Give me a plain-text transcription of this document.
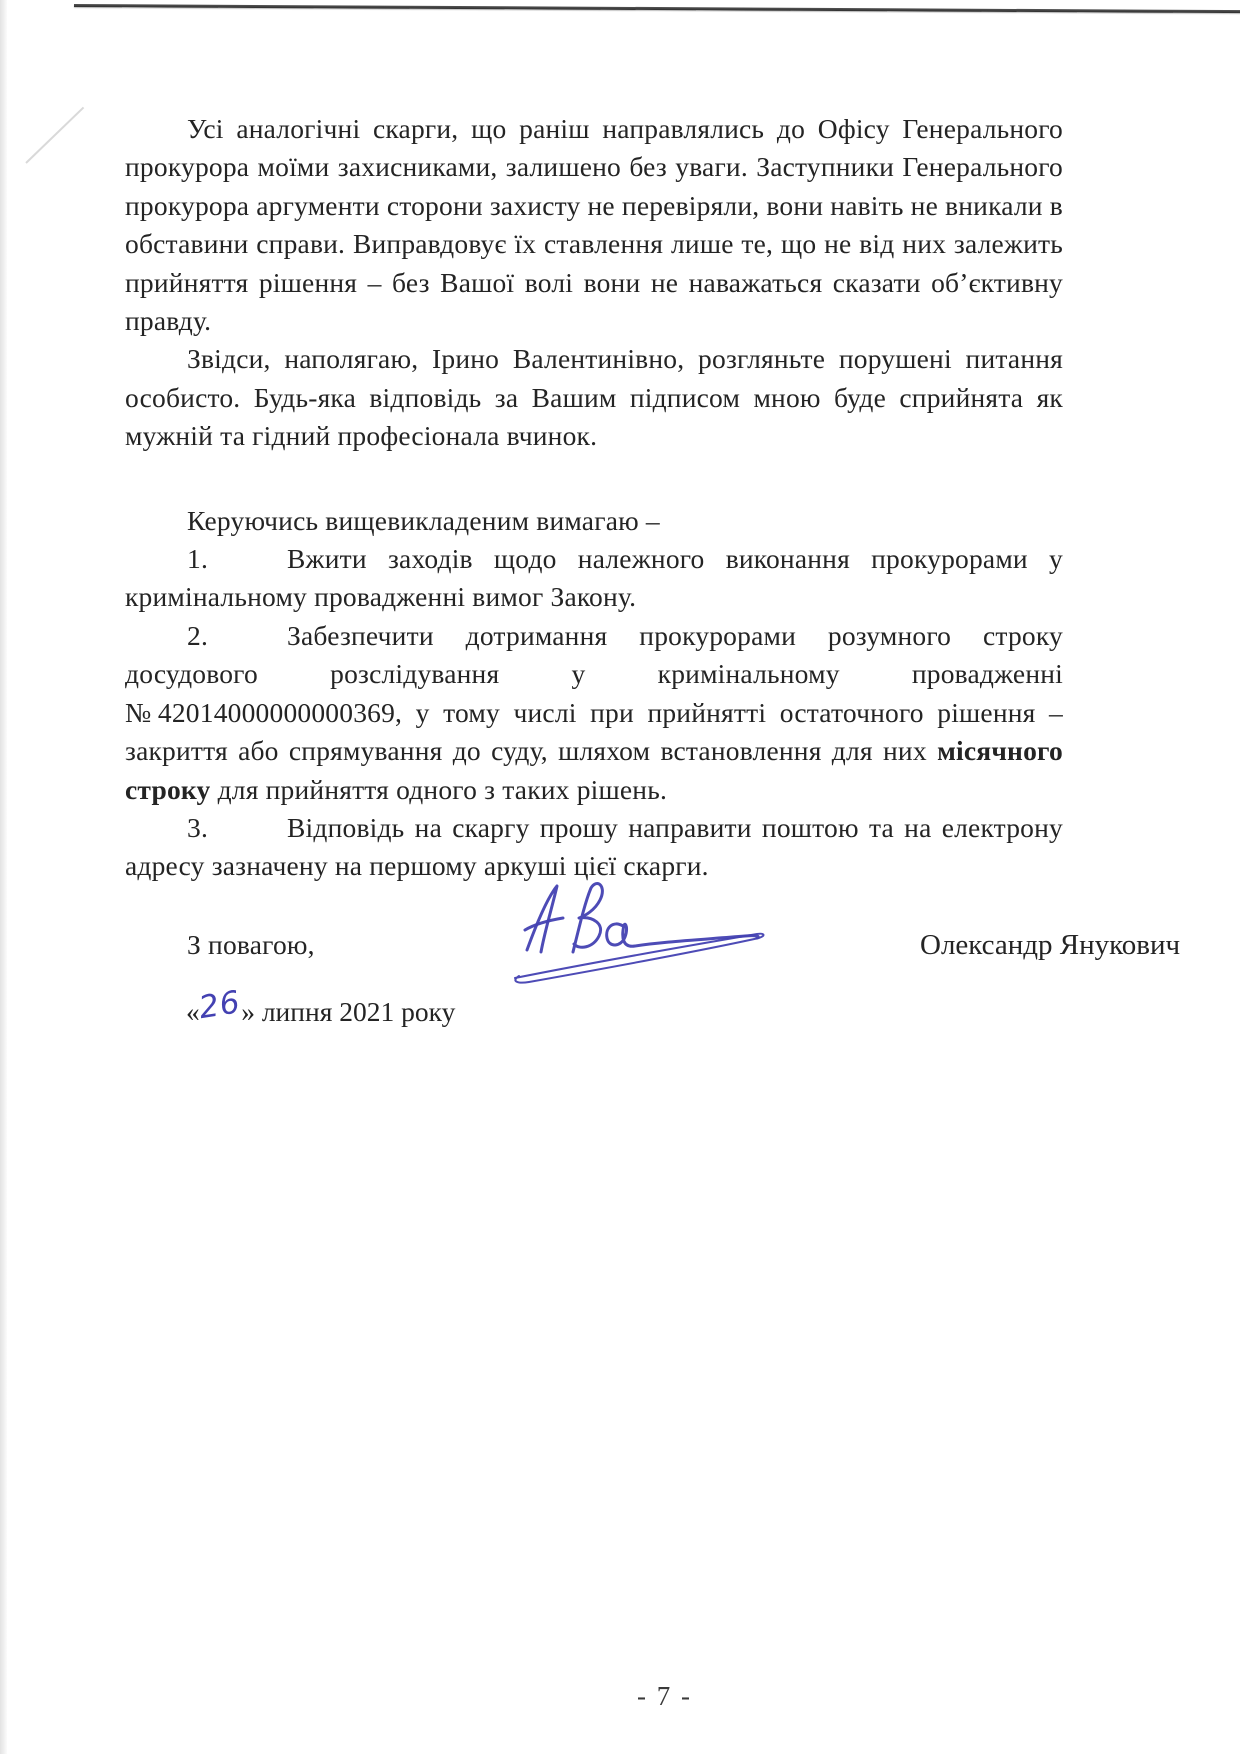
Усі аналогічні скарги, що раніш направлялись до Офісу Генерального прокурора моїми захисниками, залишено без уваги. Заступники Генерального прокурора аргументи сторони захисту не перевіряли, вони навіть не вникали в обставини справи. Виправдовує їх ставлення лише те, що не від них залежить прийняття рішення – без Вашої волі вони не наважаться сказати об’єктивну правду.

Звідси, наполягаю, Ірино Валентинівно, розгляньте порушені питання особисто. Будь-яка відповідь за Вашим підписом мною буде сприйнята як мужній та гідний професіонала вчинок.

Керуючись вищевикладеним вимагаю –

1.	Вжити заходів щодо належного виконання прокурорами у кримінальному провадженні вимог Закону.

2.	Забезпечити дотримання прокурорами розумного строку досудового розслідування у кримінальному провадженні №42014000000000369, у тому числі при прийнятті остаточного рішення – закриття або спрямування до суду, шляхом встановлення для них місячного строку для прийняття одного з таких рішень.

3.	Відповідь на скаргу прошу направити поштою та на електрону адресу зазначену на першому аркуші цієї скарги.

З повагою,	Олександр Янукович
«26» липня 2021 року
- 7 -
